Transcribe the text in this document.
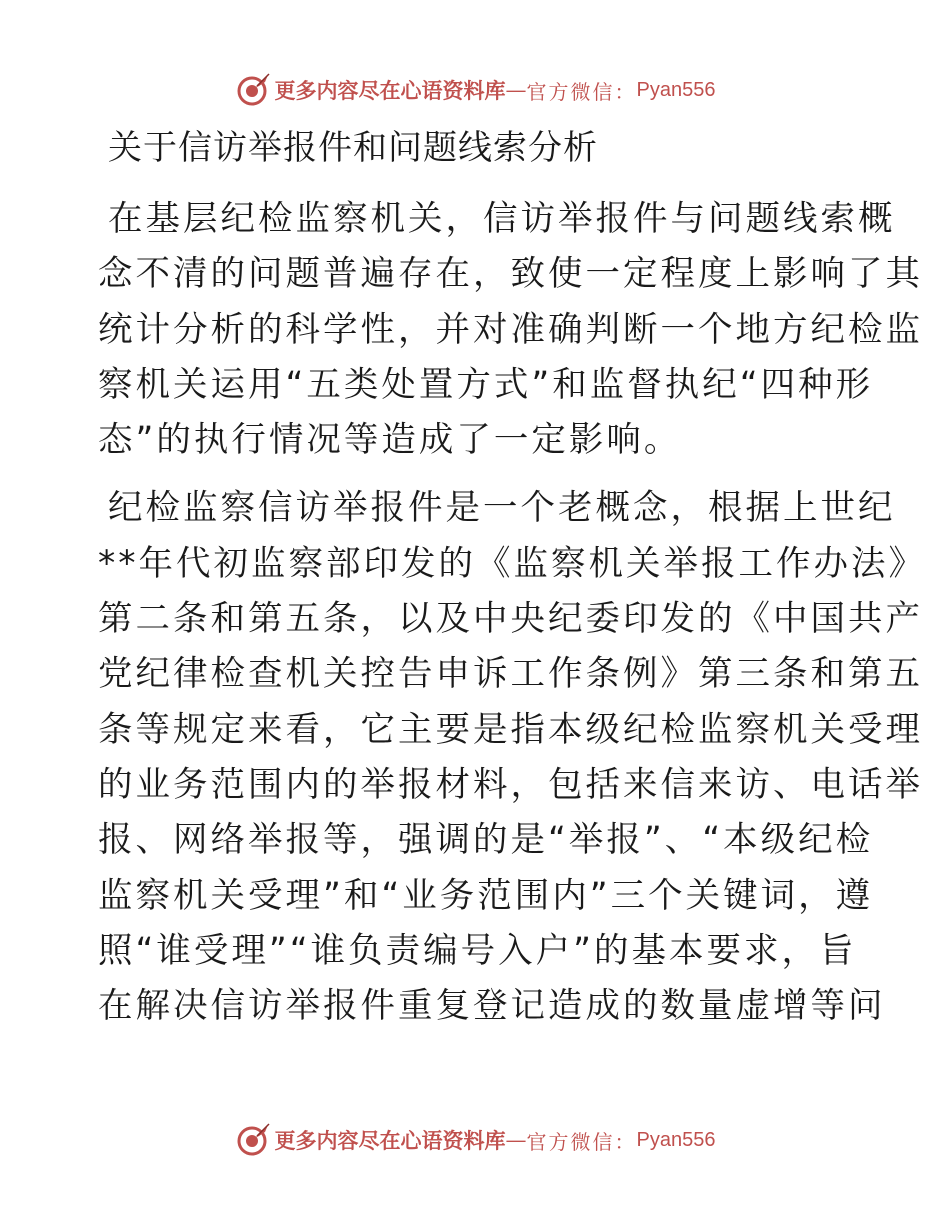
更多内容尽在心语资料库 — 官方微信： Pyan556
关于信访举报件和问题线索分析

在基层纪检监察机关，信访举报件与问题线索概
念不清的问题普遍存在，致使一定程度上影响了其
统计分析的科学性，并对准确判断一个地方纪检监
察机关运用“五类处置方式”和监督执纪“四种形
态”的执行情况等造成了一定影响。

纪检监察信访举报件是一个老概念，根据上世纪
**年代初监察部印发的《监察机关举报工作办法》
第二条和第五条，以及中央纪委印发的《中国共产
党纪律检查机关控告申诉工作条例》第三条和第五
条等规定来看，它主要是指本级纪检监察机关受理
的业务范围内的举报材料，包括来信来访、电话举
报、网络举报等，强调的是“举报”、“本级纪检
监察机关受理”和“业务范围内”三个关键词，遵
照“谁受理”“谁负责编号入户”的基本要求，旨
在解决信访举报件重复登记造成的数量虚增等问

更多内容尽在心语资料库 — 官方微信： Pyan556
